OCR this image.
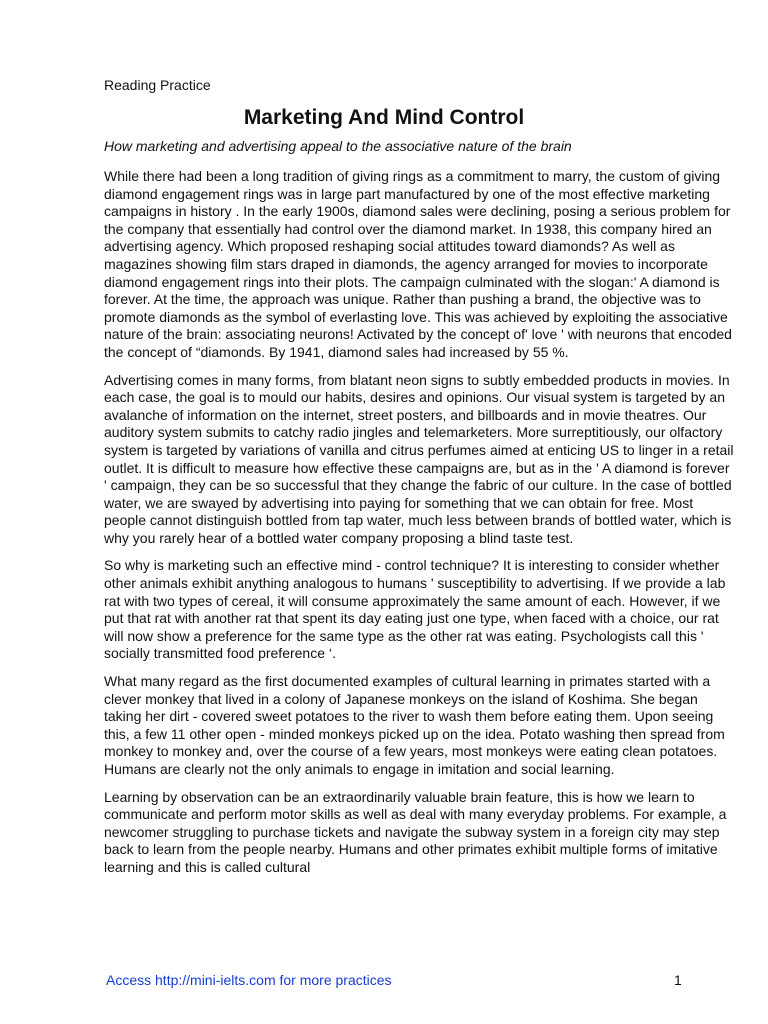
Reading Practice

Marketing And Mind Control

How marketing and advertising appeal to the associative nature of the brain

While there had been a long tradition of giving rings as a commitment to marry, the custom of giving diamond engagement rings was in large part manufactured by one of the most effective marketing campaigns in history . In the early 1900s, diamond sales were declining, posing a serious problem for the company that essentially had control over the diamond market. In 1938, this company hired an advertising agency. Which proposed reshaping social attitudes toward diamonds? As well as magazines showing film stars draped in diamonds, the agency arranged for movies to incorporate diamond engagement rings into their plots. The campaign culminated with the slogan:' A diamond is forever. At the time, the approach was unique. Rather than pushing a brand, the objective was to promote diamonds as the symbol of everlasting love. This was achieved by exploiting the associative nature of the brain: associating neurons! Activated by the concept of' love ' with neurons that encoded the concept of “diamonds. By 1941, diamond sales had increased by 55 %.

Advertising comes in many forms, from blatant neon signs to subtly embedded products in movies. In each case, the goal is to mould our habits, desires and opinions. Our visual system is targeted by an avalanche of information on the internet, street posters, and billboards and in movie theatres. Our auditory system submits to catchy radio jingles and telemarketers. More surreptitiously, our olfactory system is targeted by variations of vanilla and citrus perfumes aimed at enticing US to linger in a retail outlet. It is difficult to measure how effective these campaigns are, but as in the ' A diamond is forever ' campaign, they can be so successful that they change the fabric of our culture. In the case of bottled water, we are swayed by advertising into paying for something that we can obtain for free. Most people cannot distinguish bottled from tap water, much less between brands of bottled water, which is why you rarely hear of a bottled water company proposing a blind taste test.

So why is marketing such an effective mind - control technique? It is interesting to consider whether other animals exhibit anything analogous to humans ' susceptibility to advertising. If we provide a lab rat with two types of cereal, it will consume approximately the same amount of each. However, if we put that rat with another rat that spent its day eating just one type, when faced with a choice, our rat will now show a preference for the same type as the other rat was eating. Psychologists call this ' socially transmitted food preference ‘.

What many regard as the first documented examples of cultural learning in primates started with a clever monkey that lived in a colony of Japanese monkeys on the island of Koshima. She began taking her dirt - covered sweet potatoes to the river to wash them before eating them. Upon seeing this, a few 11 other open - minded monkeys picked up on the idea. Potato washing then spread from monkey to monkey and, over the course of a few years, most monkeys were eating clean potatoes. Humans are clearly not the only animals to engage in imitation and social learning.

Learning by observation can be an extraordinarily valuable brain feature, this is how we learn to communicate and perform motor skills as well as deal with many everyday problems. For example, a newcomer struggling to purchase tickets and navigate the subway system in a foreign city may step back to learn from the people nearby. Humans and other primates exhibit multiple forms of imitative learning and this is called cultural

Access http://mini-ielts.com for more practices	1
